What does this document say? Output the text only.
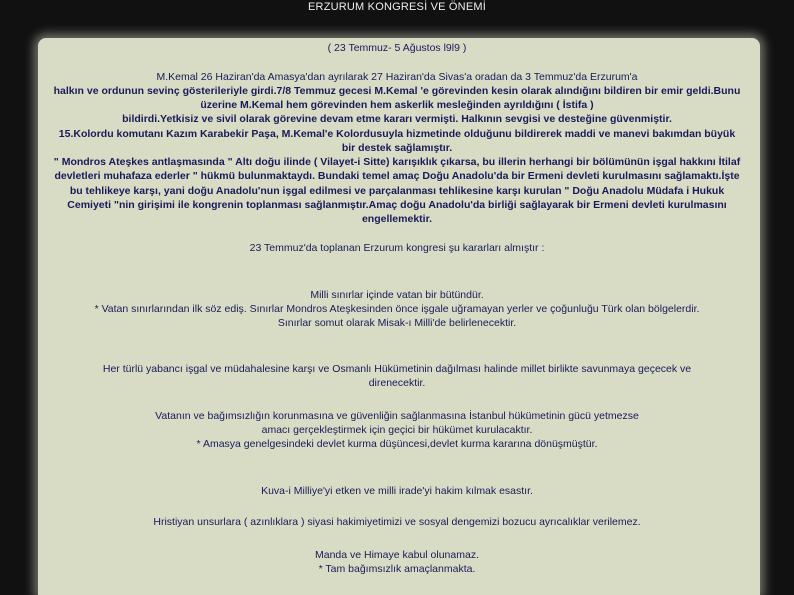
ERZURUM KONGRESİ VE ÖNEMİ
( 23 Temmuz- 5 Ağustos l9l9 )
M.Kemal 26 Haziran'da Amasya'dan ayrılarak 27 Haziran'da Sivas'a oradan da 3 Temmuz'da Erzurum'a
halkın ve ordunun sevinç gösterileriyle girdi.7/8 Temmuz gecesi M.Kemal 'e görevinden kesin olarak alındığını bildiren bir emir geldi.Bunu
üzerine M.Kemal hem görevinden hem askerlik mesleğinden ayrıldığını ( İstifa )
bildirdi.Yetkisiz ve sivil olarak görevine devam etme kararı vermişti. Halkının sevgisi ve desteğine güvenmiştir.
15.Kolordu komutanı Kazım Karabekir Paşa, M.Kemal'e Kolordusuyla hizmetinde olduğunu bildirerek maddi ve manevi bakımdan büyük
bir destek sağlamıştır.
" Mondros Ateşkes antlaşmasında " Altı doğu ilinde ( Vilayet-i Sitte) karışıklık çıkarsa, bu illerin herhangi bir bölümünün işgal hakkını İtilaf
devletleri muhafaza ederler " hükmü bulunmaktaydı. Bundaki temel amaç Doğu Anadolu'da bir Ermeni devleti kurulmasını sağlamaktı.İşte
bu tehlikeye karşı, yani doğu Anadolu'nun işgal edilmesi ve parçalanması tehlikesine karşı kurulan " Doğu Anadolu Müdafa i Hukuk
Cemiyeti "nin girişimi ile kongrenin toplanması sağlanmıştır.Amaç doğu Anadolu'da birliği sağlayarak bir Ermeni devleti kurulmasını
engellemektir.
23 Temmuz'da toplanan Erzurum kongresi şu kararları almıştır :
Milli sınırlar içinde vatan bir bütündür.
* Vatan sınırlarından ilk söz ediş. Sınırlar Mondros Ateşkesinden önce işgale uğramayan yerler ve çoğunluğu Türk olan bölgelerdir.
Sınırlar somut olarak Misak-ı Milli'de belirlenecektir.
Her türlü yabancı işgal ve müdahalesine karşı ve Osmanlı Hükümetinin dağılması halinde millet birlikte savunmaya geçecek ve
direnecektir.
Vatanın ve bağımsızlığın korunmasına ve güvenliğin sağlanmasına İstanbul hükümetinin gücü yetmezse
amacı gerçekleştirmek için geçici bir hükümet kurulacaktır.
* Amasya genelgesindeki devlet kurma düşüncesi,devlet kurma kararına dönüşmüştür.
Kuva-i Milliye'yi etken ve milli irade'yi hakim kılmak esastır.
Hristiyan unsurlara ( azınlıklara ) siyasi hakimiyetimizi ve sosyal dengemizi bozucu ayrıcalıklar verilemez.
Manda ve Himaye kabul olunamaz.
* Tam bağımsızlık amaçlanmakta.
